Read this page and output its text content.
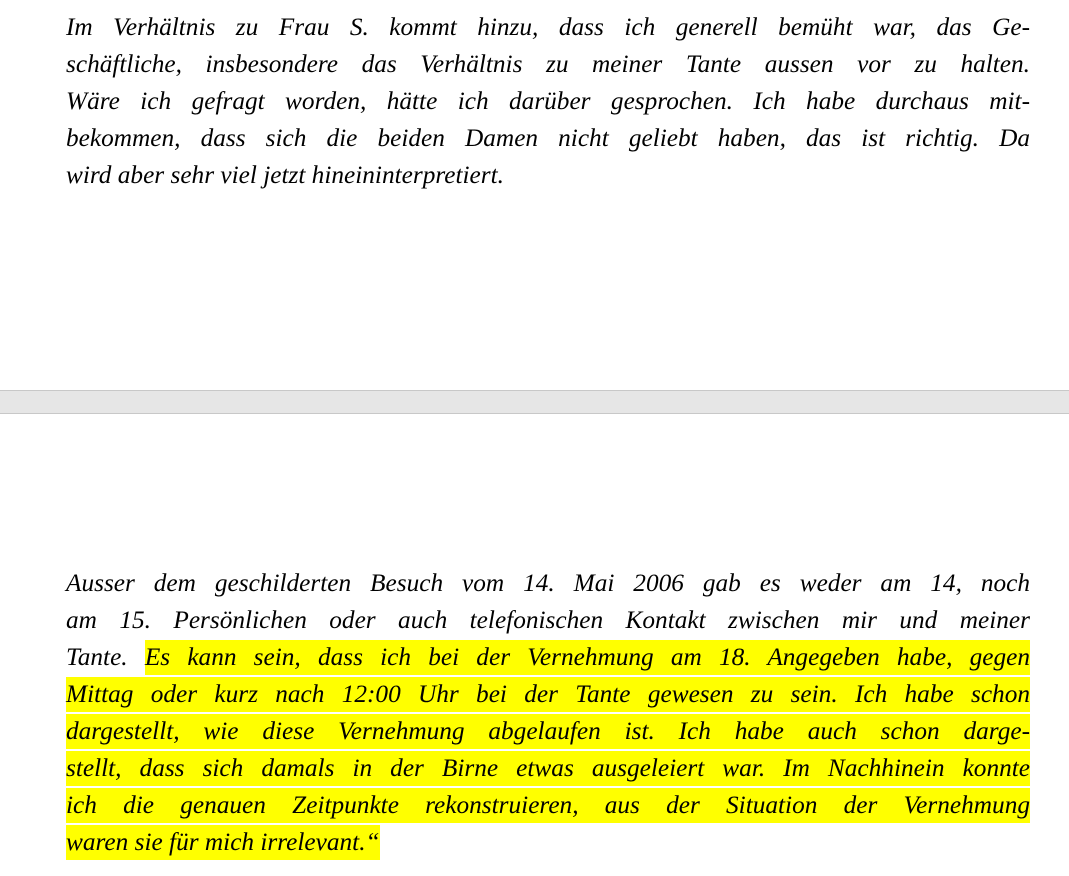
Im Verhältnis zu Frau S. kommt hinzu, dass ich generell bemüht war, das Ge-
schäftliche, insbesondere das Verhältnis zu meiner Tante aussen vor zu halten.
Wäre ich gefragt worden, hätte ich darüber gesprochen. Ich habe durchaus mit-
bekommen, dass sich die beiden Damen nicht geliebt haben, das ist richtig. Da
wird aber sehr viel jetzt hineininterpretiert.
Ausser dem geschilderten Besuch vom 14. Mai 2006 gab es weder am 14, noch
am 15. Persönlichen oder auch telefonischen Kontakt zwischen mir und meiner
Tante. Es kann sein, dass ich bei der Vernehmung am 18. Angegeben habe, gegen
Mittag oder kurz nach 12:00 Uhr bei der Tante gewesen zu sein. Ich habe schon
dargestellt, wie diese Vernehmung abgelaufen ist. Ich habe auch schon darge-
stellt, dass sich damals in der Birne etwas ausgeleiert war. Im Nachhinein konnte
ich die genauen Zeitpunkte rekonstruieren, aus der Situation der Vernehmung
waren sie für mich irrelevant.“
